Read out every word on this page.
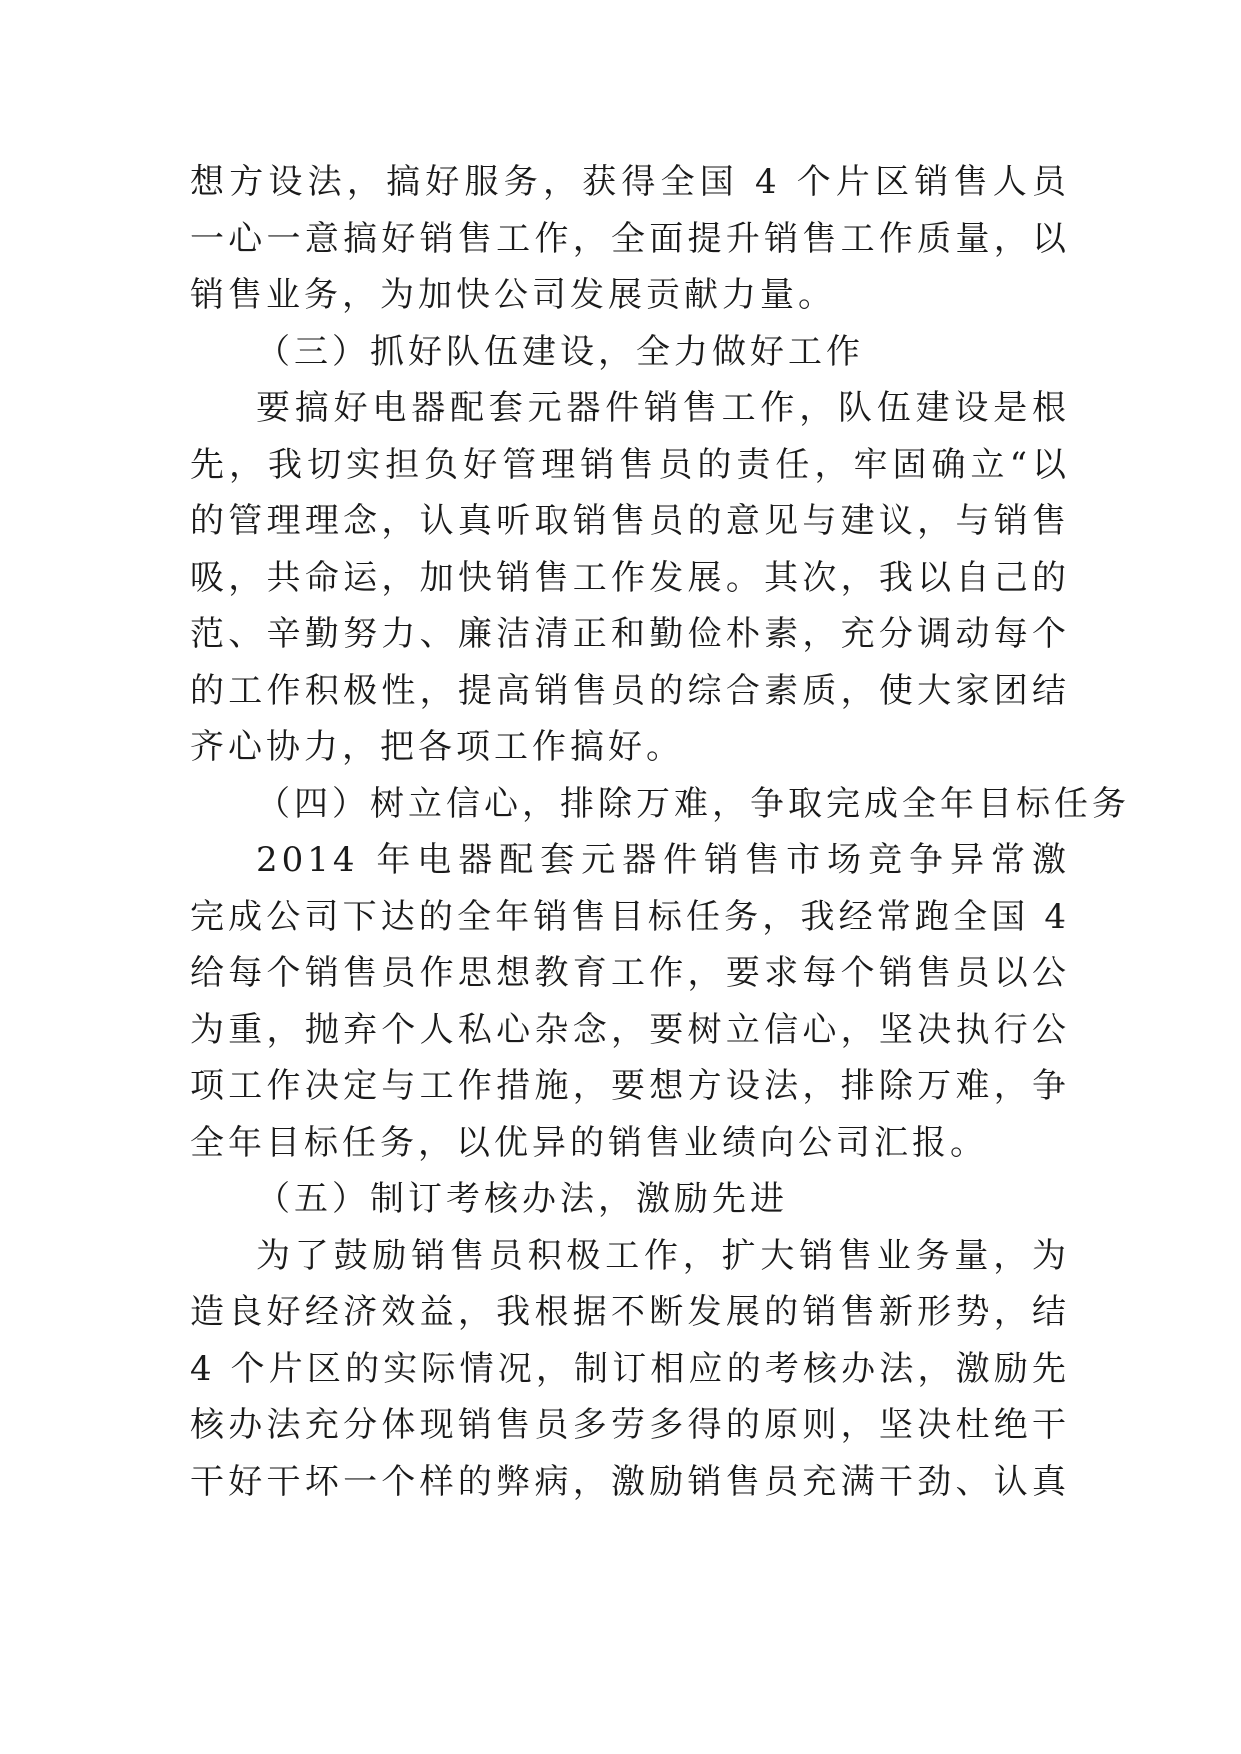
想方设法，搞好服务，获得全国 4 个片区销售人员

一心一意搞好销售工作，全面提升销售工作质量，以

销售业务，为加快公司发展贡献力量。

（三）抓好队伍建设，全力做好工作

要搞好电器配套元器件销售工作，队伍建设是根

先，我切实担负好管理销售员的责任，牢固确立“以

的管理理念，认真听取销售员的意见与建议，与销售

吸，共命运，加快销售工作发展。其次，我以自己的

范、辛勤努力、廉洁清正和勤俭朴素，充分调动每个

的工作积极性，提高销售员的综合素质，使大家团结

齐心协力，把各项工作搞好。

（四）树立信心，排除万难，争取完成全年目标任务

2014 年电器配套元器件销售市场竞争异常激

完成公司下达的全年销售目标任务，我经常跑全国 4

给每个销售员作思想教育工作，要求每个销售员以公

为重，抛弃个人私心杂念，要树立信心，坚决执行公

项工作决定与工作措施，要想方设法，排除万难，争

全年目标任务，以优异的销售业绩向公司汇报。

（五）制订考核办法，激励先进

为了鼓励销售员积极工作，扩大销售业务量，为

造良好经济效益，我根据不断发展的销售新形势，结

4 个片区的实际情况，制订相应的考核办法，激励先

核办法充分体现销售员多劳多得的原则，坚决杜绝干

干好干坏一个样的弊病，激励销售员充满干劲、认真
